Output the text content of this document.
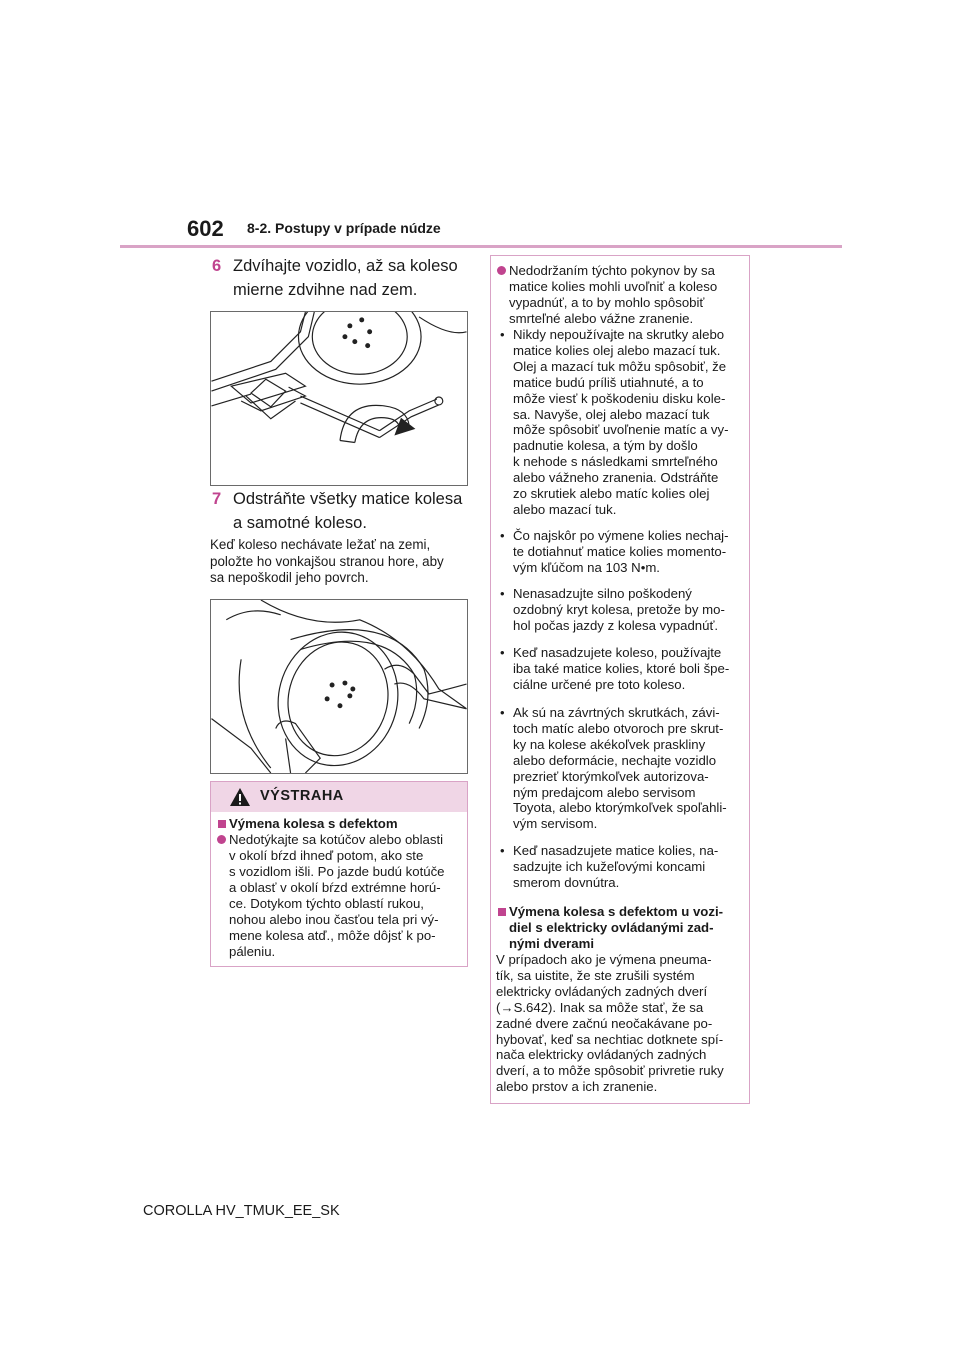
602 8-2. Postupy v prípade núdze
6 Zdvíhajte vozidlo, až sa koleso
mierne zdvihne nad zem.
7 Odstráňte všetky matice kolesa
a samotné koleso.
Keď koleso nechávate ležať na zemi,
položte ho vonkajšou stranou hore, aby
sa nepoškodil jeho povrch.
VÝSTRAHA
Výmena kolesa s defektom
Nedotýkajte sa kotúčov alebo oblasti
v okolí bŕzd ihneď potom, ako ste
s vozidlom išli. Po jazde budú kotúče
a oblasť v okolí bŕzd extrémne horú-
ce. Dotykom týchto oblastí rukou,
nohou alebo inou časťou tela pri vý-
mene kolesa atď., môže dôjsť k po-
páleniu.
Nedodržaním týchto pokynov by sa
matice kolies mohli uvoľniť a koleso
vypadnúť, a to by mohlo spôsobiť
smrteľné alebo vážne zranenie.
• Nikdy nepoužívajte na skrutky alebo
matice kolies olej alebo mazací tuk.
Olej a mazací tuk môžu spôsobiť, že
matice budú príliš utiahnuté, a to
môže viesť k poškodeniu disku kole-
sa. Navyše, olej alebo mazací tuk
môže spôsobiť uvoľnenie matíc a vy-
padnutie kolesa, a tým by došlo
k nehode s následkami smrteľného
alebo vážneho zranenia. Odstráňte
zo skrutiek alebo matíc kolies olej
alebo mazací tuk.
• Čo najskôr po výmene kolies nechaj-
te dotiahnuť matice kolies momento-
vým kľúčom na 103 N•m.
• Nenasadzujte silno poškodený
ozdobný kryt kolesa, pretože by mo-
hol počas jazdy z kolesa vypadnúť.
• Keď nasadzujete koleso, používajte
iba také matice kolies, ktoré boli špe-
ciálne určené pre toto koleso.
• Ak sú na závrtných skrutkách, závi-
toch matíc alebo otvoroch pre skrut-
ky na kolese akékoľvek praskliny
alebo deformácie, nechajte vozidlo
prezrieť ktorýmkoľvek autorizova-
ným predajcom alebo servisom
Toyota, alebo ktorýmkoľvek spoľahli-
vým servisom.
• Keď nasadzujete matice kolies, na-
sadzujte ich kužeľovými koncami
smerom dovnútra.
Výmena kolesa s defektom u vozi-
diel s elektricky ovládanými zad-
nými dverami
V prípadoch ako je výmena pneuma-
tík, sa uistite, že ste zrušili systém
elektricky ovládaných zadných dverí
(→S.642). Inak sa môže stať, že sa
zadné dvere začnú neočakávane po-
hybovať, keď sa nechtiac dotknete spí-
nača elektricky ovládaných zadných
dverí, a to môže spôsobiť privretie ruky
alebo prstov a ich zranenie.
COROLLA HV_TMUK_EE_SK
